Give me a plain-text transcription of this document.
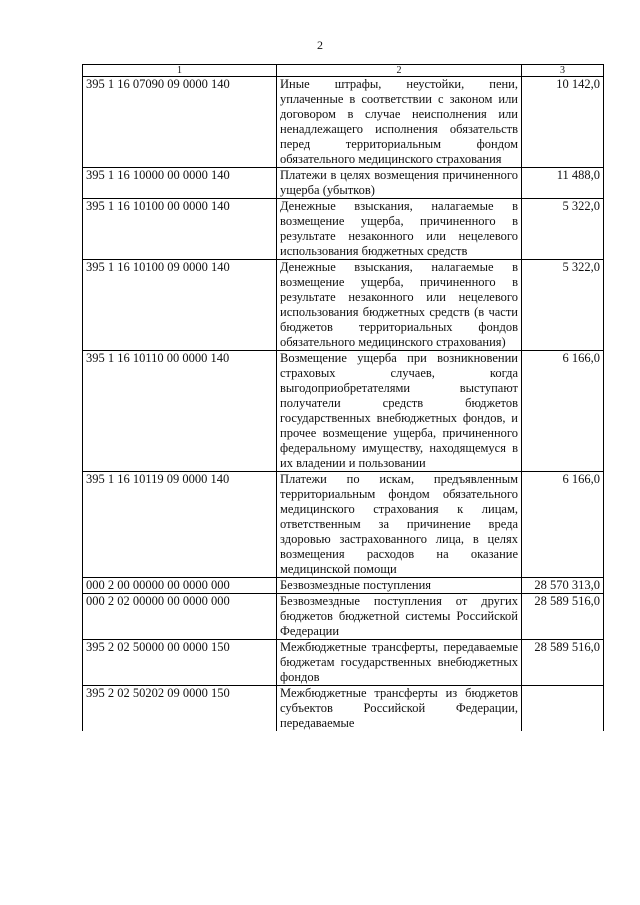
2
1	2	3
395 1 16 07090 09 0000 140	Иные штрафы, неустойки, пени, уплаченные в соответствии с законом или договором в случае неисполнения или ненадлежащего исполнения обязательств перед территориальным фондом обязательного медицинского страхования	10 142,0
395 1 16 10000 00 0000 140	Платежи в целях возмещения причиненного ущерба (убытков)	11 488,0
395 1 16 10100 00 0000 140	Денежные взыскания, налагаемые в возмещение ущерба, причиненного в результате незаконного или нецелевого использования бюджетных средств	5 322,0
395 1 16 10100 09 0000 140	Денежные взыскания, налагаемые в возмещение ущерба, причиненного в результате незаконного или нецелевого использования бюджетных средств (в части бюджетов территориальных фондов обязательного медицинского страхования)	5 322,0
395 1 16 10110 00 0000 140	Возмещение ущерба при возникновении страховых случаев, когда выгодоприобретателями выступают получатели средств бюджетов государственных внебюджетных фондов, и прочее возмещение ущерба, причиненного федеральному имуществу, находящемуся в их владении и пользовании	6 166,0
395 1 16 10119 09 0000 140	Платежи по искам, предъявленным территориальным фондом обязательного медицинского страхования к лицам, ответственным за причинение вреда здоровью застрахованного лица, в целях возмещения расходов на оказание медицинской помощи	6 166,0
000 2 00 00000 00 0000 000	Безвозмездные поступления	28 570 313,0
000 2 02 00000 00 0000 000	Безвозмездные поступления от других бюджетов бюджетной системы Российской Федерации	28 589 516,0
395 2 02 50000 00 0000 150	Межбюджетные трансферты, передаваемые бюджетам государственных внебюджетных фондов	28 589 516,0
395 2 02 50202 09 0000 150	Межбюджетные трансферты из бюджетов субъектов Российской Федерации, передаваемые	
